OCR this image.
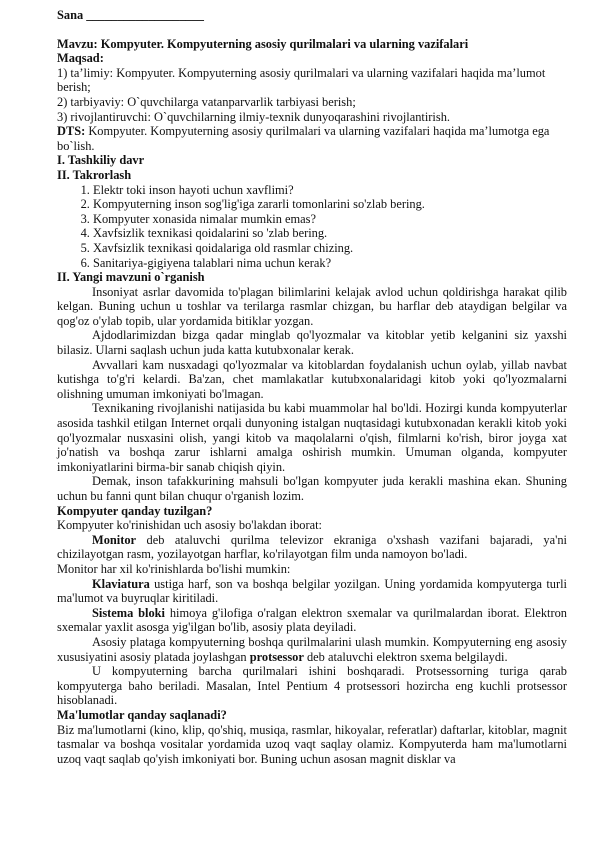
Sana ___________________

Mavzu: Kompyuter. Kompyuterning asosiy qurilmalari va ularning vazifalari

Maqsad:

1) ta’limiy: Kompyuter. Kompyuterning asosiy qurilmalari va ularning vazifalari haqida ma’lumot berish;

2) tarbiyaviy: O`quvchilarga vatanparvarlik tarbiyasi berish;

3) rivojlantiruvchi: O`quvchilarning ilmiy-texnik dunyoqarashini rivojlantirish.

DTS: Kompyuter. Kompyuterning asosiy qurilmalari va ularning vazifalari haqida ma’lumotga ega bo`lish.

I. Tashkiliy davr

II. Takrorlash

1. Elektr toki inson hayoti uchun xavflimi?
2. Kompyuterning inson sog'lig'iga zararli tomonlarini so'zlab bering.
3. Kompyuter xonasida nimalar mumkin emas?
4. Xavfsizlik texnikasi qoidalarini so 'zlab bering.
5. Xavfsizlik texnikasi qoidalariga old rasmlar chizing.
6. Sanitariya-gigiyena talablari nima uchun kerak?

II. Yangi mavzuni o`rganish

Insoniyat asrlar davomida to'plagan bilimlarini kelajak avlod uchun qoldirishga harakat qilib kelgan. Buning uchun u toshlar va terilarga rasmlar chizgan, bu harflar deb ataydigan belgilar va qog'oz o'ylab topib, ular yordamida bitiklar yozgan.

Ajdodlarimizdan bizga qadar minglab qo'lyozmalar va kitoblar yetib kelganini siz yaxshi bilasiz. Ularni saqlash uchun juda katta kutubxonalar kerak.

Avvallari kam nusxadagi qo'lyozmalar va kitoblardan foydalanish uchun oylab, yillab navbat kutishga to'g'ri kelardi. Ba'zan, chet mamlakatlar kutubxonalaridagi kitob yoki qo'lyozmalarni olishning umuman imkoniyati bo'lmagan.

Texnikaning rivojlanishi natijasida bu kabi muammolar hal bo'ldi. Hozirgi kunda kompyuterlar asosida tashkil etilgan Internet orqali dunyoning istalgan nuqtasidagi kutubxonadan kerakli kitob yoki qo'lyozmalar nusxasini olish, yangi kitob va maqolalarni o'qish, filmlarni ko'rish, biror joyga xat jo'natish va boshqa zarur ishlarni amalga oshirish mumkin. Umuman olganda, kompyuter imkoniyatlarini birma-bir sanab chiqish qiyin.

Demak, inson tafakkurining mahsuli bo'lgan kompyuter juda kerakli mashina ekan. Shuning uchun bu fanni qunt bilan chuqur o'rganish lozim.

Kompyuter qanday tuzilgan?

Kompyuter ko'rinishidan uch asosiy bo'lakdan iborat:

Monitor deb ataluvchi qurilma televizor ekraniga o'xshash vazifani bajaradi, ya'ni chizilayotgan rasm, yozilayotgan harflar, ko'rilayotgan film unda namoyon bo'ladi.

Monitor har xil ko'rinishlarda bo'lishi mumkin:

Klaviatura ustiga harf, son va boshqa belgilar yozilgan. Uning yordamida kompyuterga turli ma'lumot va buyruqlar kiritiladi.

Sistema bloki himoya g'ilofiga o'ralgan elektron sxemalar va qurilmalardan iborat. Elektron sxemalar yaxlit asosga yig'ilgan bo'lib, asosiy plata deyiladi.

Asosiy plataga kompyuterning boshqa qurilmalarini ulash mumkin. Kompyuterning eng asosiy xususiyatini asosiy platada joylashgan protsessor deb ataluvchi elektron sxema belgilaydi.

U kompyuterning barcha qurilmalari ishini boshqaradi. Protsessorning turiga qarab kompyuterga baho beriladi. Masalan, Intel Pentium 4 protsessori hozircha eng kuchli protsessor hisoblanadi.

Ma'lumotlar qanday saqlanadi?

Biz ma'lumotlarni (kino, klip, qo'shiq, musiqa, rasmlar, hikoyalar, referatlar) daftarlar, kitoblar, magnit tasmalar va boshqa vositalar yordamida uzoq vaqt saqlay olamiz. Kompyuterda ham ma'lumotlarni uzoq vaqt saqlab qo'yish imkoniyati bor. Buning uchun asosan magnit disklar va
